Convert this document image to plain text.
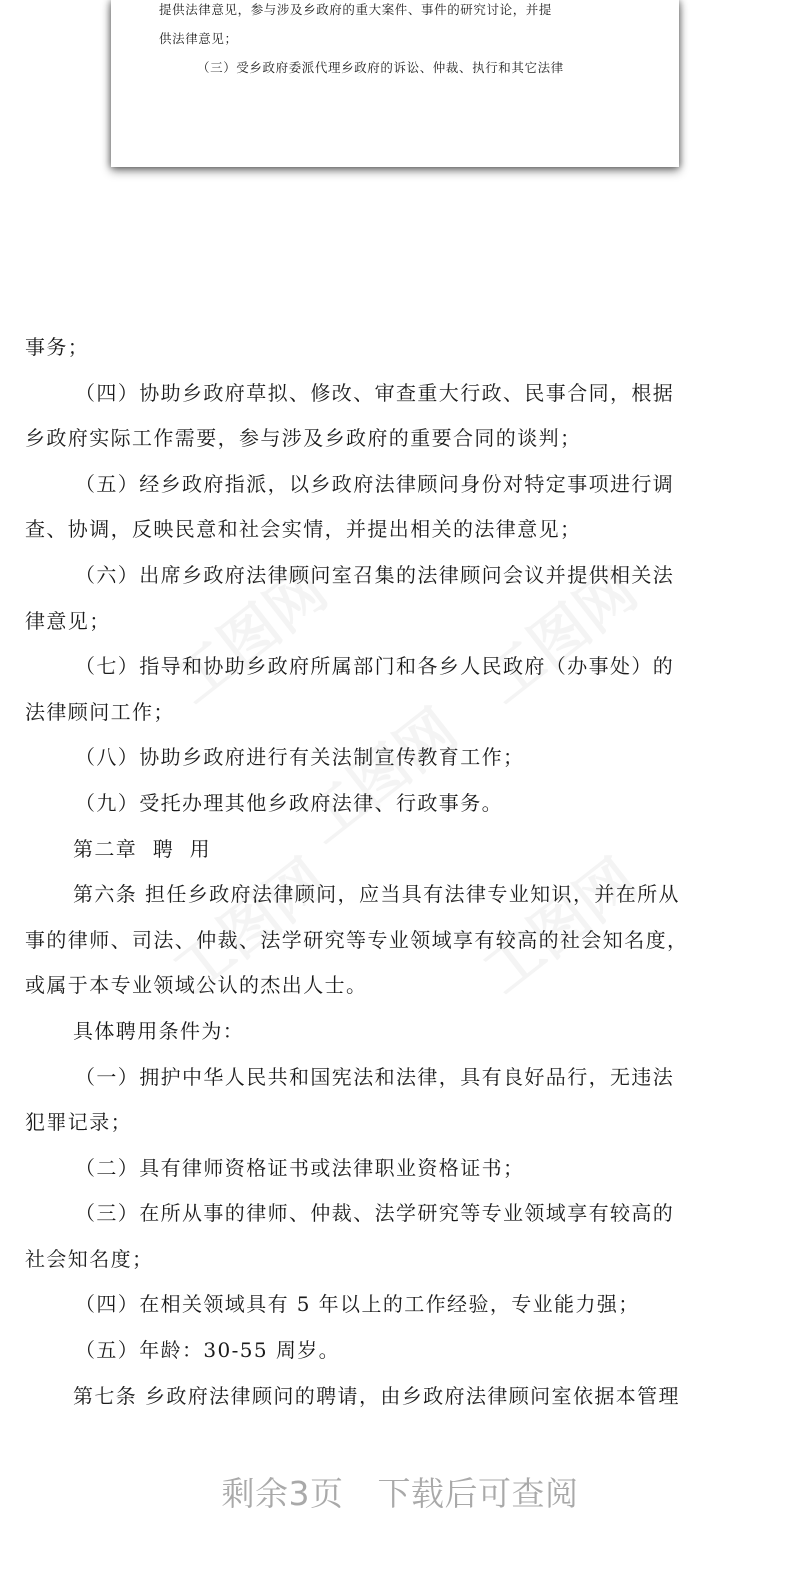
提供法律意见，参与涉及乡政府的重大案件、事件的研究讨论，并提
供法律意见；
（三）受乡政府委派代理乡政府的诉讼、仲裁、执行和其它法律

事务；

（四）协助乡政府草拟、修改、审查重大行政、民事合同，根据

乡政府实际工作需要，参与涉及乡政府的重要合同的谈判；

（五）经乡政府指派，以乡政府法律顾问身份对特定事项进行调

查、协调，反映民意和社会实情，并提出相关的法律意见；

（六）出席乡政府法律顾问室召集的法律顾问会议并提供相关法

律意见；

（七）指导和协助乡政府所属部门和各乡人民政府（办事处）的

法律顾问工作；

（八）协助乡政府进行有关法制宣传教育工作；

（九）受托办理其他乡政府法律、行政事务。

第二章  聘  用

第六条 担任乡政府法律顾问，应当具有法律专业知识，并在所从

事的律师、司法、仲裁、法学研究等专业领域享有较高的社会知名度，

或属于本专业领域公认的杰出人士。

具体聘用条件为：

（一）拥护中华人民共和国宪法和法律，具有良好品行，无违法

犯罪记录；

（二）具有律师资格证书或法律职业资格证书；

（三）在所从事的律师、仲裁、法学研究等专业领域享有较高的

社会知名度；

（四）在相关领域具有 5 年以上的工作经验，专业能力强；

（五）年龄：30-55 周岁。

第七条 乡政府法律顾问的聘请，由乡政府法律顾问室依据本管理

剩余3页 下载后可查阅
